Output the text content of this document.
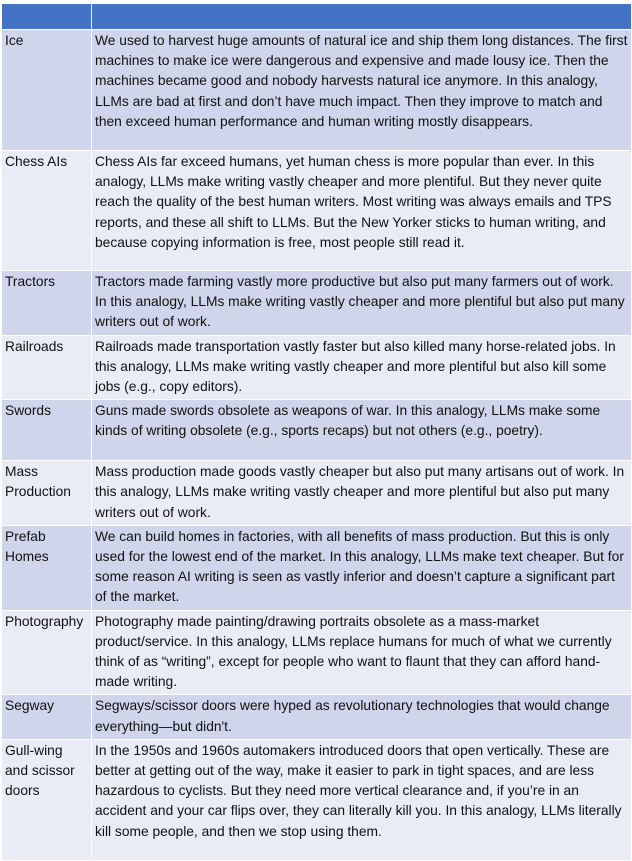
Ice	We used to harvest huge amounts of natural ice and ship them long distances. The first machines to make ice were dangerous and expensive and made lousy ice. Then the machines became good and nobody harvests natural ice anymore. In this analogy, LLMs are bad at first and don’t have much impact. Then they improve to match and then exceed human performance and human writing mostly disappears.
Chess AIs	Chess AIs far exceed humans, yet human chess is more popular than ever. In this analogy, LLMs make writing vastly cheaper and more plentiful. But they never quite reach the quality of the best human writers. Most writing was always emails and TPS reports, and these all shift to LLMs. But the New Yorker sticks to human writing, and because copying information is free, most people still read it.
Tractors	Tractors made farming vastly more productive but also put many farmers out of work. In this analogy, LLMs make writing vastly cheaper and more plentiful but also put many writers out of work.
Railroads	Railroads made transportation vastly faster but also killed many horse-related jobs. In this analogy, LLMs make writing vastly cheaper and more plentiful but also kill some jobs (e.g., copy editors).
Swords	Guns made swords obsolete as weapons of war. In this analogy, LLMs make some kinds of writing obsolete (e.g., sports recaps) but not others (e.g., poetry).
Mass Production	Mass production made goods vastly cheaper but also put many artisans out of work. In this analogy, LLMs make writing vastly cheaper and more plentiful but also put many writers out of work.
Prefab Homes	We can build homes in factories, with all benefits of mass production. But this is only used for the lowest end of the market. In this analogy, LLMs make text cheaper. But for some reason AI writing is seen as vastly inferior and doesn’t capture a significant part of the market.
Photography	Photography made painting/drawing portraits obsolete as a mass-market product/service. In this analogy, LLMs replace humans for much of what we currently think of as “writing”, except for people who want to flaunt that they can afford hand-made writing.
Segway	Segways/scissor doors were hyped as revolutionary technologies that would change everything—but didn't.
Gull-wing and scissor doors	In the 1950s and 1960s automakers introduced doors that open vertically. These are better at getting out of the way, make it easier to park in tight spaces, and are less hazardous to cyclists. But they need more vertical clearance and, if you’re in an accident and your car flips over, they can literally kill you. In this analogy, LLMs literally kill some people, and then we stop using them.
